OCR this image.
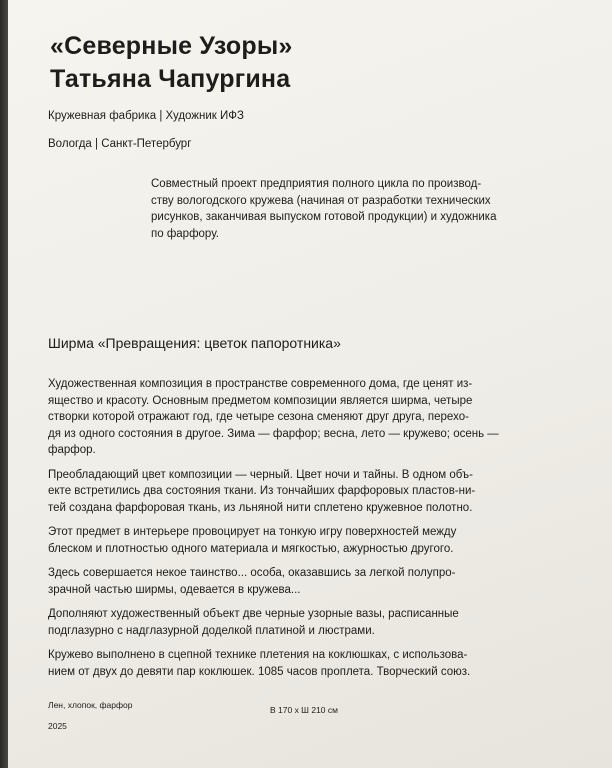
«Северные Узоры»
Татьяна Чапургина

Кружевная фабрика | Художник ИФЗ

Вологда | Санкт-Петербург

Совместный проект предприятия полного цикла по производ-
ству вологодского кружева (начиная от разработки технических
рисунков, заканчивая выпуском готовой продукции) и художника
по фарфору.

Ширма «Превращения: цветок папоротника»

Художественная композиция в пространстве современного дома, где ценят из-
ящество и красоту. Основным предметом композиции является ширма, четыре
створки которой отражают год, где четыре сезона сменяют друг друга, перехо-
дя из одного состояния в другое. Зима — фарфор; весна, лето — кружево; осень —
фарфор.

Преобладающий цвет композиции — черный. Цвет ночи и тайны. В одном объ-
екте встретились два состояния ткани. Из тончайших фарфоровых пластов-ни-
тей создана фарфоровая ткань, из льняной нити сплетено кружевное полотно.

Этот предмет в интерьере провоцирует на тонкую игру поверхностей между
блеском и плотностью одного материала и мягкостью, ажурностью другого.

Здесь совершается некое таинство... особа, оказавшись за легкой полупро-
зрачной частью ширмы, одевается в кружева...

Дополняют художественный объект две черные узорные вазы, расписанные
подглазурно с надглазурной доделкой платиной и люстрами.

Кружево выполнено в сцепной технике плетения на коклюшках, с использова-
нием от двух до девяти пар коклюшек. 1085 часов проплета. Творческий союз.

Лен, хлопок, фарфор	В 170 х Ш 210 см

2025
